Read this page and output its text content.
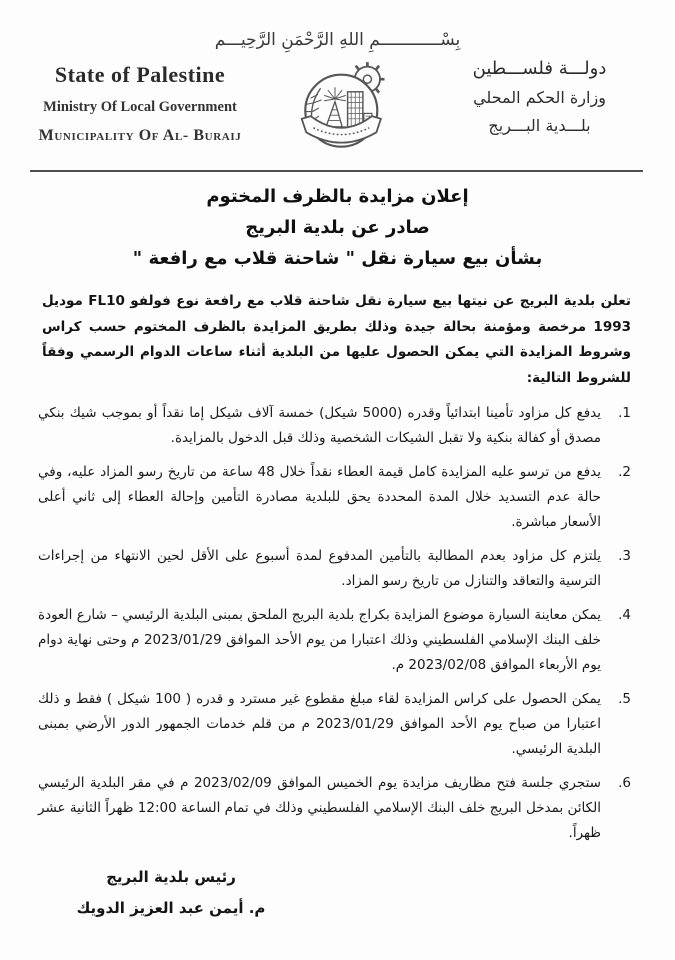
بِسْــــــــــــمِ اللهِ الرَّحْمَنِ الرَّحِيـــم
State of Palestine
Ministry Of Local Government
Municipality Of Al- Buraij
دولـــة فلســـطين
وزارة الحكم المحلي
بلـــدية البـــريج
إعلان مزايدة بالظرف المختوم
صادر عن بلدية البريج
بشأن بيع سيارة نقل " شاحنة قلاب مع رافعة "

تعلن بلدية البريج عن نيتها بيع سيارة نقل شاحنة قلاب مع رافعة نوع فولفو FL10 موديل 1993 مرخصة ومؤمنة بحالة جيدة وذلك بطريق المزايدة بالظرف المختوم حسب كراس وشروط المزايدة التي يمكن الحصول عليها من البلدية أثناء ساعات الدوام الرسمي وفقاً للشروط التالية:

1.
يدفع كل مزاود تأمينا ابتدائياً وقدره (5000 شيكل) خمسة آلاف شيكل إما نقداً أو بموجب شيك بنكي مصدق أو كفالة بنكية ولا تقبل الشيكات الشخصية وذلك قبل الدخول بالمزايدة.
2.
يدفع من ترسو عليه المزايدة كامل قيمة العطاء نقداً خلال 48 ساعة من تاريخ رسو المزاد عليه، وفي حالة عدم التسديد خلال المدة المحددة يحق للبلدية مصادرة التأمين وإحالة العطاء إلى ثاني أعلى الأسعار مباشرة.
3.
يلتزم كل مزاود بعدم المطالبة بالتأمين المدفوع لمدة أسبوع على الأقل لحين الانتهاء من إجراءات الترسية والتعاقد والتنازل من تاريخ رسو المزاد.
4.
يمكن معاينة السيارة موضوع المزايدة بكراج بلدية البريج الملحق بمبنى البلدية الرئيسي – شارع العودة خلف البنك الإسلامي الفلسطيني وذلك اعتبارا من يوم الأحد الموافق 2023/01/29 م وحتى نهاية دوام يوم الأربعاء الموافق 2023/02/08 م.
5.
يمكن الحصول على كراس المزايدة لقاء مبلغ مقطوع غير مسترد و قدره ( 100 شيكل ) فقط و ذلك اعتبارا من صباح يوم الأحد الموافق 2023/01/29 م من قلم خدمات الجمهور الدور الأرضي بمبنى البلدية الرئيسي.
6.
ستجري جلسة فتح مظاريف مزايدة يوم الخميس الموافق 2023/02/09 م في مقر البلدية الرئيسي الكائن بمدخل البريج خلف البنك الإسلامي الفلسطيني وذلك في تمام الساعة 12:00 ظهراً الثانية عشر ظهراً.
رئيس بلدية البريج
م. أيمن عبد العزيز الدويك
